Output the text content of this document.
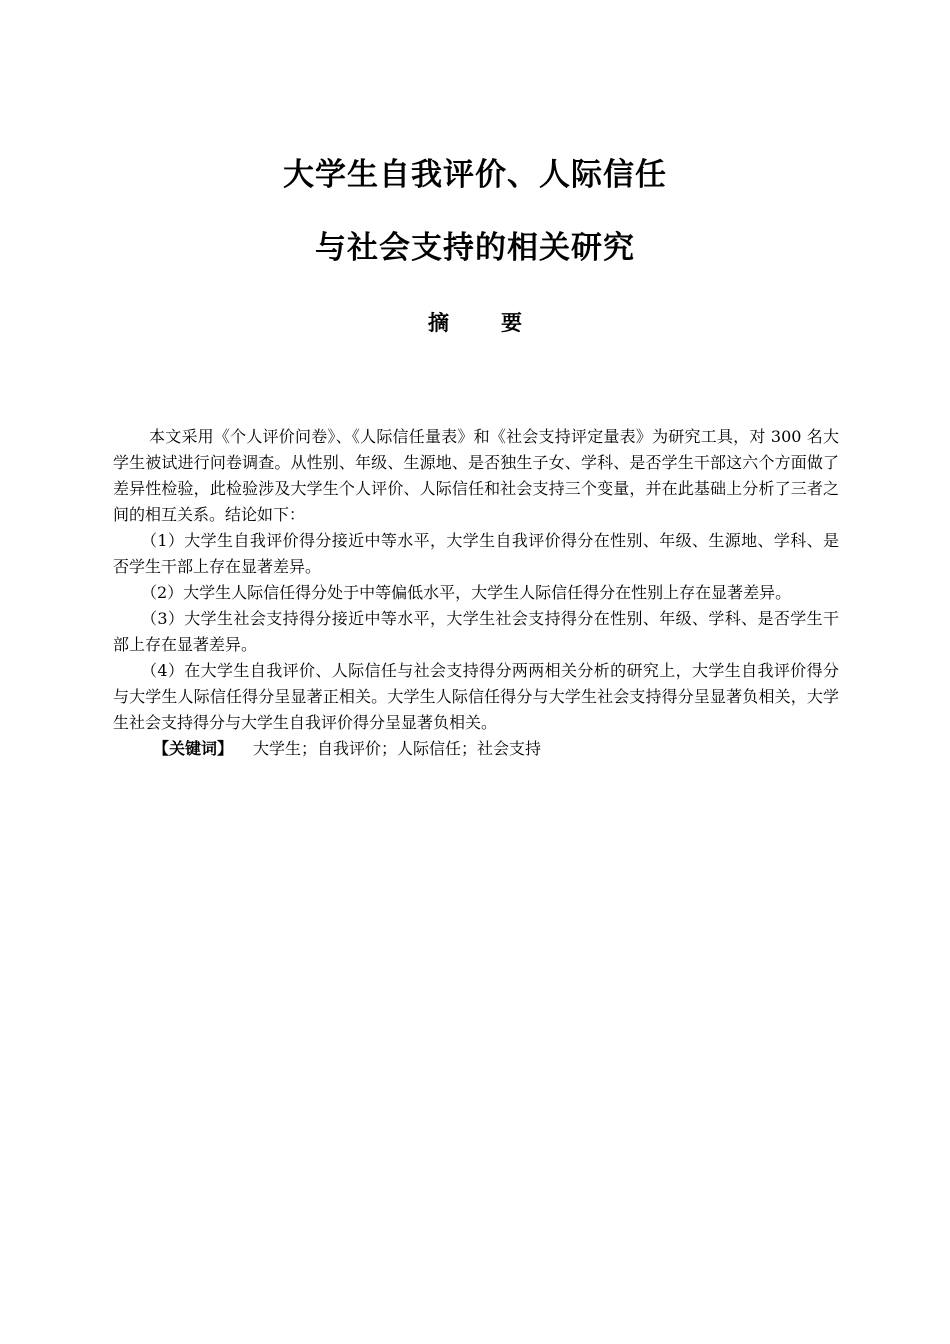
大学生自我评价、人际信任
与社会支持的相关研究
摘要

本文采用《个人评价问卷》、《人际信任量表》和《社会支持评定量表》为研究工具，对 300 名大学生被试进行问卷调查。从性别、年级、生源地、是否独生子女、学科、是否学生干部这六个方面做了差异性检验，此检验涉及大学生个人评价、人际信任和社会支持三个变量，并在此基础上分析了三者之间的相互关系。结论如下：

（1）大学生自我评价得分接近中等水平，大学生自我评价得分在性别、年级、生源地、学科、是否学生干部上存在显著差异。

（2）大学生人际信任得分处于中等偏低水平，大学生人际信任得分在性别上存在显著差异。

（3）大学生社会支持得分接近中等水平，大学生社会支持得分在性别、年级、学科、是否学生干部上存在显著差异。

（4）在大学生自我评价、人际信任与社会支持得分两两相关分析的研究上，大学生自我评价得分与大学生人际信任得分呈显著正相关。大学生人际信任得分与大学生社会支持得分呈显著负相关，大学生社会支持得分与大学生自我评价得分呈显著负相关。

【关键词】 大学生；自我评价；人际信任；社会支持
